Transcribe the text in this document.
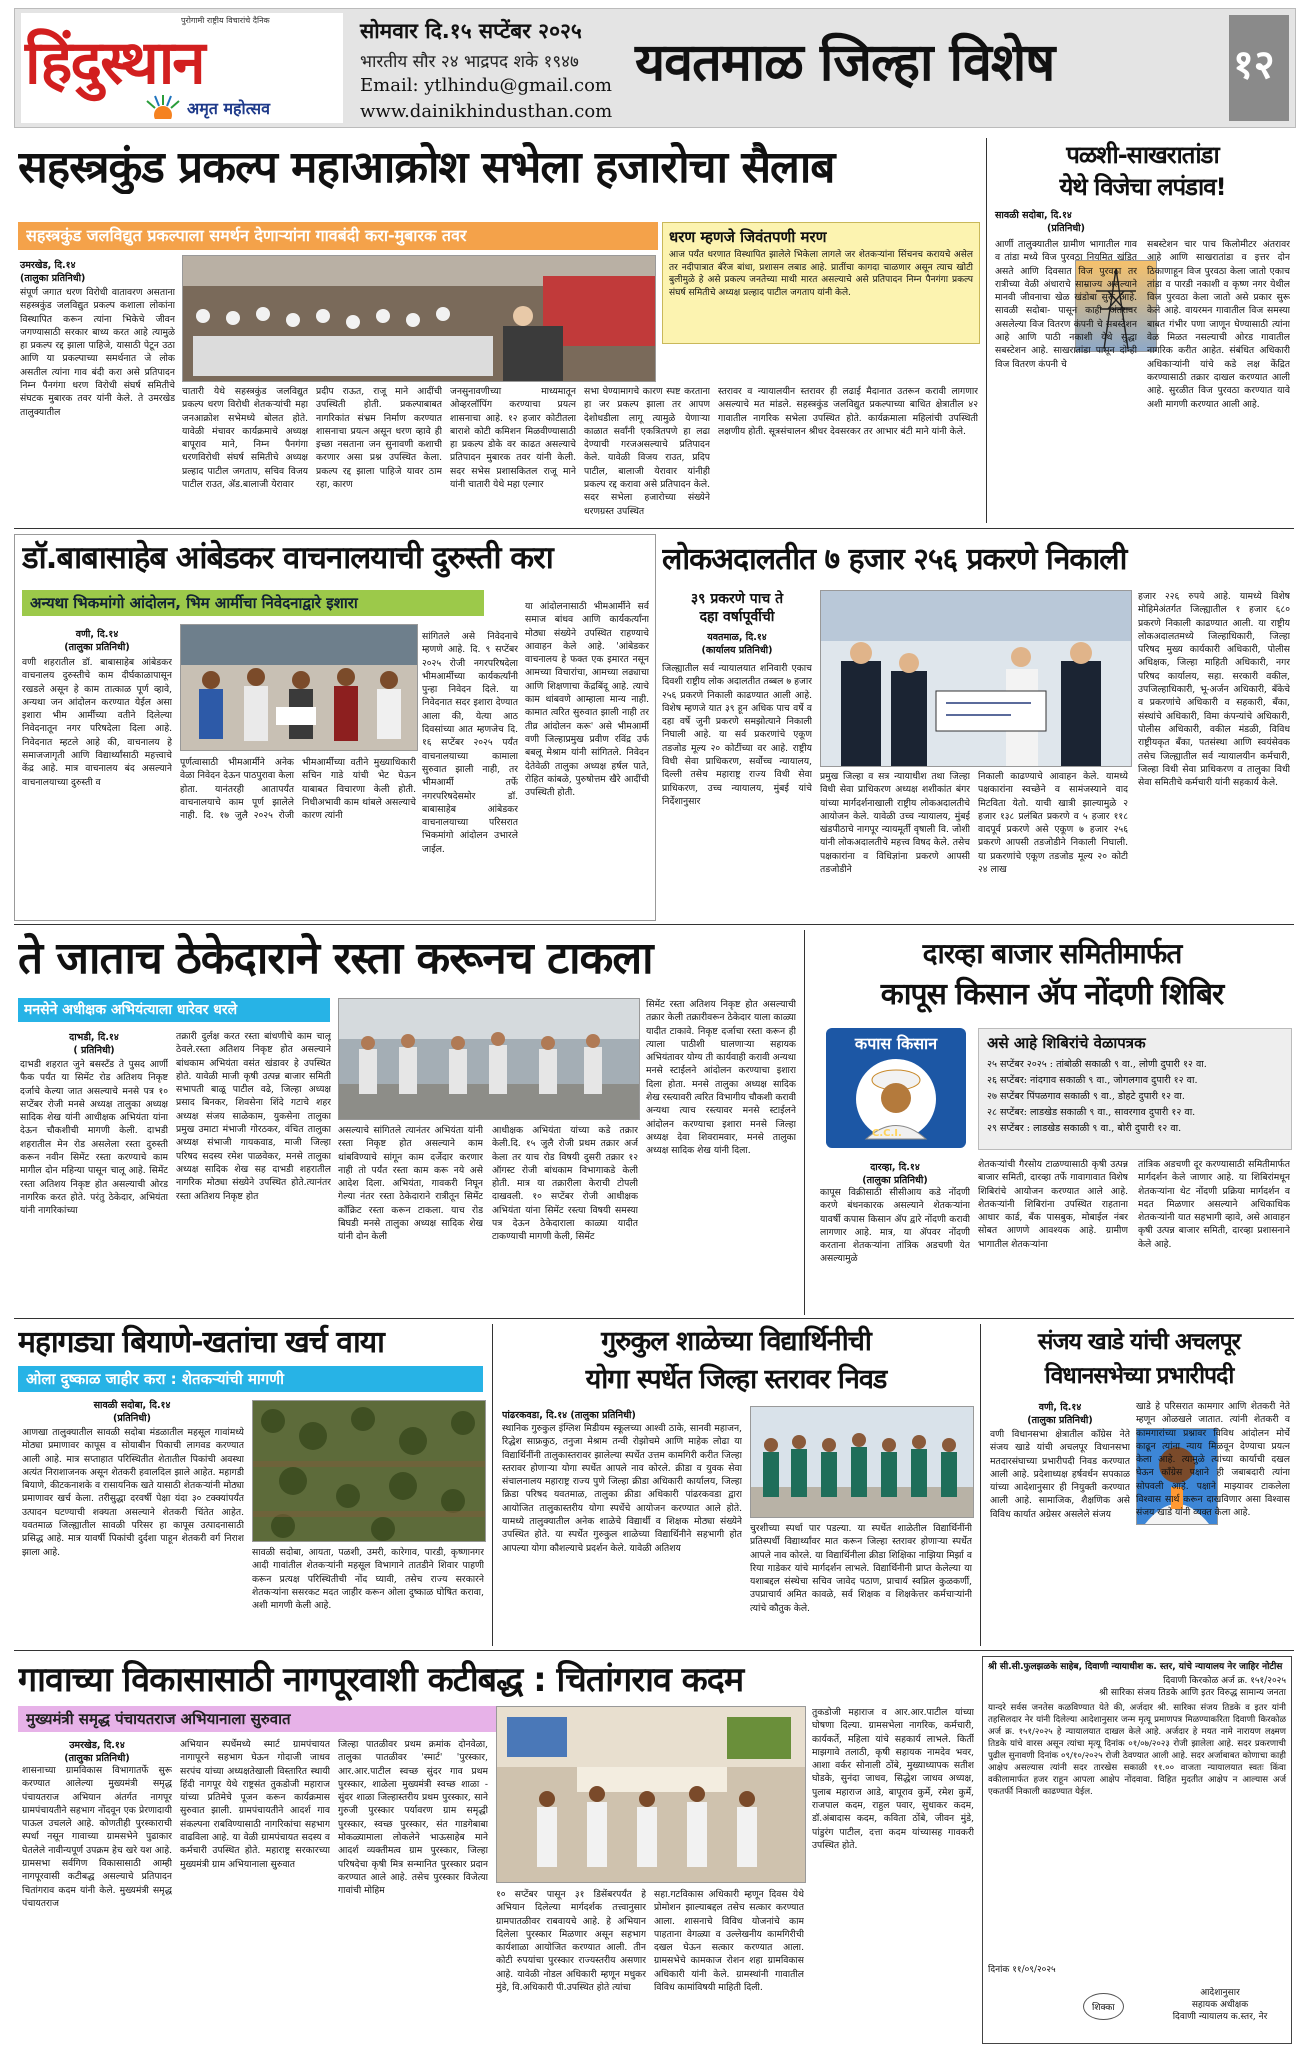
पुरोगामी राष्ट्रीय विचारांचे दैनिक
हिंदुस्थान
अमृत महोत्सव
सोमवार दि.१५ सप्टेंबर २०२५
भारतीय सौर २४ भाद्रपद शके १९४७
Email: ytlhindu@gmail.com
www.dainikhindusthan.com
यवतमाळ जिल्हा विशेष	१२
सहस्त्रकुंड प्रकल्प महाआक्रोश सभेला हजारोचा सैलाब
सहस्त्रकुंड जलविद्युत प्रकल्पाला समर्थन देणाऱ्यांना गावबंदी करा-मुबारक तवर
उमरखेड, दि.१४
(तालुका प्रतिनिधी)

संपूर्ण जगात धरण विरोधी वातावरण असताना सहस्त्रकुंड जलविद्युत प्रकल्प कशाला लोकांना विस्थापित करून त्यांना भिकेचे जीवन जगण्यासाठी सरकार बाध्य करत आहे त्यामुळे हा प्रकल्प रद्द झाला पाहिजे, यासाठी पेटून उठा आणि या प्रकल्पाच्या समर्थनात जे लोक असतील त्यांना गाव बंदी करा असे प्रतिपादन निम्न पैनगंगा धरण विरोधी संघर्ष समितीचे संघटक मुबारक तवर यांनी केले. ते उमरखेड तालुक्यातील

धरण म्हणजे जिवंतपणी मरण

आज पर्यंत धरणात विस्थापित झालेले भिकेला लागले जर शेतकऱ्यांना सिंचनच करायचे असेल तर नदीपात्रात बॅरेज बांधा, प्रशासन लबाड आहे. प्रातींचा कागदा चाळणार असून त्याच खोटी बुलीमुळे हे असे प्रकल्प जनतेच्या माथी मारत असल्याचे असे प्रतिपादन निम्न पैनगंगा प्रकल्प संघर्ष समितीचे अध्यक्ष प्रल्हाद पाटील जगताप यांनी केले.

चातारी येथे सहस्त्रकुंड जलविद्युत प्रकल्प धरण विरोधी शेतकऱ्यांची महा जनआक्रोश सभेमध्ये बोलत होते. यावेळी मंचावर कार्यक्रमाचे अध्यक्ष बापूराव माने, निम्न पैनगंगा धरणविरोधी संघर्ष समितीचे अध्यक्ष प्रल्हाद पाटील जगताप, सचिव विजय पाटील राउत, ॲड.बालाजी येरावार

प्रदीप राऊत, राजू माने आदींची उपस्थिती होती. प्रकल्पाबाबत नागरिकांत संभ्रम निर्माण करण्यात शासनाचा प्रयत्न असून धरण व्हावे ही इच्छा नसताना जन सुनावणी कशाची करणार असा प्रश्न उपस्थित केला. प्रकल्प रद्द झाला पाहिजे यावर ठाम रहा, कारण

जनसुनावणीच्या माध्यमातून ओव्हरलॉपिंग करण्याचा प्रयत्न शासनाचा आहे. १२ हजार कोटीतला बाराशे कोटी कमिशन मिळवीण्यासाठी हा प्रकल्प डोके वर काढत असल्याचे प्रतिपादन मुबारक तवर यांनी केली. सदर सभेस प्रशासकितल राजू माने यांनी चातारी येथे महा एल्गार

सभा घेण्यामागचे कारण स्पष्ट करताना हा जर प्रकल्प झाला तर आपण देशोधडीला लागू त्यामुळे येणाऱ्या काळात सर्वांनी एकत्रितपणे हा लढा देण्याची गरजअसल्याचे प्रतिपादन केले. यावेळी विजय राउत, प्रदिप पाटील, बालाजी येरावार यांनीही प्रकल्प रद्द करावा असे प्रतिपादन केले. सदर सभेला हजारोच्या संख्येने धरणग्रस्त उपस्थित

स्तरावर व न्यायालयीन स्तरावर ही लढाई मैदानात उतरून करावी लागणार असल्याचे मत मांडले. सहस्त्रकुंड जलविद्युत प्रकल्पाच्या बाधित क्षेत्रातील ४२ गावातील नागरिक सभेला उपस्थित होते. कार्यक्रमाला महिलांची उपस्थिती लक्षणीय होती. सूत्रसंचालन श्रीधर देवसरकर तर आभार बंटी माने यांनी केले.

पळशी-साखरातांडा
येथे विजेचा लपंडाव!
सावळी सदोबा, दि.१४
(प्रतिनिधी)

आर्णी तालुक्यातील ग्रामीण भागातील गाव व तांडा मध्ये विज पुरवठा नियमित खंडित असते आणि दिवसात विज पुरवठा तर रात्रीच्या वेळी अंधाराचे साम्राज्य असल्याने मानवी जीवनाचा खेळ खंडोबा सुरू आहे. सावळी सदोबा- पासून काही अंतरावर असलेल्या विज वितरण कंपनी चे सबस्टेशन आहे आणि पाठी नकाशी येथे सुद्धा सबस्टेशन आहे. साखरातांडा पासून दोन्ही विज वितरण कंपनी चे

सबस्टेशन चार पाच किलोमीटर अंतरावर आहे आणि साखरातांडा व इत्तर दोन ठिकाणाहून विज पुरवठा केला जातो एकाच तांडा व पारडी नकाशी व कृष्ण नगर येथील विज पुरवठा केला जातो असे प्रकार सुरू केले आहे. वायरमन गावातील विज समस्या बाबत गंभीर पणा जाणून घेण्यासाठी त्यांना वेळ मिळत नसल्याची ओरड गावातील नागरिक करीत आहेत. संबंधित अधिकारी अधिकाऱ्यांनी यांचे कडे लक्ष केंद्रित करण्यासाठी तक्रार दाखल करण्यात आली आहे. सुरळीत विज पुरवठा करण्यात यावे अशी मागणी करण्यात आली आहे.

डॉ.बाबासाहेब आंबेडकर वाचनालयाची दुरुस्ती करा
अन्यथा भिकमांगो आंदोलन, भिम आर्मीचा निवेदनाद्वारे इशारा
वणी, दि.१४
(तालुका प्रतिनिधी)

वणी शहरातील डॉ. बाबासाहेब आंबेडकर वाचनालय दुरुस्तीचे काम दीर्घकाळापासून रखडले असून हे काम तात्काळ पूर्ण व्हावे, अन्यथा जन आंदोलन करण्यात येईल असा इशारा भीम आर्मीच्या वतीने दिलेल्या निवेदनातून नगर परिषदेला दिला आहे. निवेदनात म्हटले आहे की, वाचनालय हे समाजजागृती आणि विद्यार्थ्यांसाठी महत्त्वाचे केंद्र आहे. मात्र वाचनालय बंद असल्याने वाचनालयाच्या दुरुस्ती व

सांगितले असे निवेदनाचे म्हणणे आहे. दि. ९ सप्टेंबर २०२५ रोजी नगरपरिषदेला भीमआर्मीच्या कार्यकर्त्यांनी पुन्हा निवेदन दिले. या निवेदनात सदर इशारा देण्यात आला की, येत्या आठ दिवसांच्या आत म्हणजेच दि. १६ सप्टेंबर २०२५ पर्यंत वाचनालयाच्या कामाला सुरुवात झाली नाही, तर भीमआर्मी तर्फे नगरपरिषदेसमोर डॉ. बाबासाहेब आंबेडकर वाचनालयाच्या परिसरात भिकमांगो आंदोलन उभारले जाईल.

पूर्णत्वासाठी भीमआर्मीने अनेक वेळा निवेदन देऊन पाठपुरावा केला होता. यानंतरही आतापर्यंत वाचनालयाचे काम पूर्ण झालेले नाही. दि. १७ जुलै २०२५ रोजी भीमआर्मीच्या वतीने मुख्याधिकारी सचिन गाडे यांची भेट घेऊन याबाबत विचारणा केली होती. निधीअभावी काम थांबले असल्याचे कारण त्यांनी

या आंदोलनासाठी भीमआर्मीने सर्व समाज बांधव आणि कार्यकर्त्यांना मोठ्या संख्येने उपस्थित राहण्याचे आवाहन केले आहे. 'आंबेडकर वाचनालय हे फक्त एक इमारत नसून आमच्या विचारांचा, आमच्या लढ्याचा आणि शिक्षणाचा केंद्रबिंदू आहे. त्याचे काम थांबवणे आम्हाला मान्य नाही. कामात त्वरित सुरुवात झाली नाही तर तीव्र आंदोलन करू' असे भीमआर्मी वणी जिल्हाप्रमुख प्रवीण रविंद्र उर्फ बबलू मेश्राम यांनी सांगितले. निवेदन देतेवेळी तालुका अध्यक्ष हर्षल पाते, रोहित कांबळे, पुरुषोत्तम खैरे आदींची उपस्थिती होती.

लोकअदालतीत ७ हजार २५६ प्रकरणे निकाली
३९ प्रकरणे पाच ते
दहा वर्षापूर्वीची
यवतमाळ, दि.१४
(कार्यालय प्रतिनिधी)

जिल्ह्यातील सर्व न्यायालयात शनिवारी एकाच दिवशी राष्ट्रीय लोक अदालतीत तब्बल ७ हजार २५६ प्रकरणे निकाली काढण्यात आली आहे. विशेष म्हणजे यात ३९ हून अधिक पाच वर्षे व दहा वर्षे जुनी प्रकरणे समझोत्याने निकाली निघाली आहे. या सर्व प्रकरणांचे एकूण तडजोड मूल्य २० कोटींच्या वर आहे. राष्ट्रीय विधी सेवा प्राधिकरण, सर्वोच्च न्यायालय, दिल्ली तसेच महाराष्ट्र राज्य विधी सेवा प्राधिकरण, उच्च न्यायालय, मुंबई यांचे निर्देशानुसार

प्रमुख जिल्हा व सत्र न्यायाधीश तथा जिल्हा विधी सेवा प्राधिकरण अध्यक्ष शशीकांत बंगर यांच्या मार्गदर्शनाखाली राष्ट्रीय लोकअदालतीचे आयोजन केले. यावेळी उच्च न्यायालय, मुंबई खंडपीठाचे नागपूर न्यायमूर्ती वृषाली वि. जोशी यांनी लोकअदालतीचे महत्त्व विषद केले. तसेच पक्षकारांना व विधिज्ञांना प्रकरणे आपसी तडजोडीने

निकाली काढण्याचे आवाहन केले. यामध्ये पक्षकारांना स्वच्छेने व सामंजस्याने वाद मिटविता येतो. याची खात्री झाल्यामुळे २ हजार १३८ प्रलंबित प्रकरणे व ५ हजार ११८ वादपूर्व प्रकरणे असे एकूण ७ हजार २५६ प्रकरणे आपसी तडजोडीने निकाली निघाली. या प्रकरणांचे एकूण तडजोड मूल्य २० कोटी २४ लाख

हजार २२६ रुपये आहे. यामध्ये विशेष मोहिमेअंतर्गत जिल्ह्यातील १ हजार ६८० प्रकरणे निकाली काढण्यात आली. या राष्ट्रीय लोकअदालतमध्ये जिल्हाधिकारी, जिल्हा परिषद मुख्य कार्यकारी अधिकारी, पोलीस अधिक्षक, जिल्हा माहिती अधिकारी, नगर परिषद कार्यालय, सहा. सरकारी वकील, उपजिल्हाधिकारी, भू-अर्जन अधिकारी, बँकेचे व प्रकरणांचे अधिकारी व सहकारी, बँका, संस्थांचे अधिकारी, विमा कंपन्यांचे अधिकारी, पोलीस अधिकारी, वकील मंडळी, विविध राष्ट्रीयकृत बँका, पतसंस्था आणि स्वयंसेवक तसेच जिल्ह्यातील सर्व न्यायालयीन कर्मचारी, जिल्हा विधी सेवा प्राधिकरण व तालुका विधी सेवा समितीचे कर्मचारी यांनी सहकार्य केले.

ते जाताच ठेकेदाराने रस्ता करूनच टाकला
मनसेने अधीक्षक अभियंत्याला धारेवर धरले
दाभडी, दि.१४
( प्रतिनिधी)

दाभडी शहरात जुने बसस्टँड ते पुसद आर्णी फैक पर्यंत या सिमेंट रोड अतिशय निकृष्ट दर्जाचे केल्या जात असल्याचे मनसे पत्र १० सप्टेंबर रोजी मनसे अध्यक्ष तालुका अध्यक्ष सादिक शेख यांनी आधीक्षक अभियंता यांना देऊन चौकशीची मागणी केली. दाभडी शहरातील मेन रोड असलेला रस्ता दुरुस्ती करून नवीन सिमेंट रस्ता करण्याचे काम मागील दोन महिन्या पासून चालू आहे. सिमेंट रस्ता अतिशय निकृष्ट होत असल्याची ओरड नागरिक करत होते. परंतु ठेकेदार, अभियंता यांनी नागरिकांच्या

तक्रारी दुर्लक्ष करत रस्ता बांधणीचे काम चालू ठेवले.रस्ता अतिशय निकृष्ट होत असल्याने बांधकाम अभियंता वसंत खंडावर हे उपस्थित होते. यावेळी माजी कृषी उत्पन्न बाजार समिती सभापती बाळू पाटील वढे, जिल्हा अध्यक्ष प्रसाद बिनकर, शिवसेना शिंदे गटाचे शहर अध्यक्ष संजय साळेकाम, युकसेना तालुका प्रमुख उमाटा मंभाजी गोरठकर, वंचित तालुका अध्यक्ष संभाजी गायकवाड, माजी जिल्हा परिषद सदस्य रमेश पाळवेकर, मनसे तालुका अध्यक्ष सादिक शेख सह दाभडी शहरातील नागरिक मोठ्या संख्येने उपस्थित होते.त्यानंतर रस्ता अतिशय निकृष्ट होत

असल्याचे सांगितले त्यानंतर अभियंता यांनी रस्ता निकृष्ट होत असल्याने काम थांबविण्याचे सांगून काम दर्जेदार करणार नाही तो पर्यंत रस्ता काम करू नये असे आदेश दिला. अभियंता, गावकरी निघून गेल्या नंतर रस्ता ठेकेदाराने रात्रीतून सिमेंट काँक्रिट रस्ता करून टाकला. याच रोड बिघडी मनसे तालुका अध्यक्ष सादिक शेख यांनी दोन केली

आधीक्षक अभियंता यांच्या कडे तक्रार केली.दि. १५ जुलै रोजी प्रथम तक्रार अर्ज केला तर याच रोड विषयी दुसरी तक्रार १२ ऑगस्ट रोजी बांधकाम विभागाकडे केली होती. मात्र या तक्रारीला केराची टोपली दाखवली. १० सप्टेंबर रोजी आधीक्षक अभियंता यांना सिमेंट रस्त्या विषयी समस्या पत्र देऊन ठेकेदाराला काळ्या यादीत टाकण्याची मागणी केली, सिमेंट

सिमेंट रस्ता अतिशय निकृष्ट होत असल्याची तक्रार केली तक्रारीवरून ठेकेदार याला काळ्या यादीत टाकावे. निकृष्ट दर्जाचा रस्ता करून ही त्याला पाठीशी घालणाऱ्या सहायक अभियंतावर योग्य ती कार्यवाही करावी अन्यथा मनसे स्टाईलने आंदोलन करण्याचा इशारा दिला होता. मनसे तालुका अध्यक्ष सादिक शेख रस्त्यावरी त्वरित विभागीय चौकशी करावी अन्यथा त्याच रस्त्यावर मनसे स्टाईलने आंदोलन करण्याचा इशारा मनसे जिल्हा अध्यक्ष देवा शिवरामवार, मनसे तालुका अध्यक्ष सादिक शेख यांनी दिला.

दारव्हा बाजार समितीमार्फत
कापूस किसान ॲप नोंदणी शिबिर
कपास किसान
C.C.I.
दारव्हा, दि.१४
(तालुका प्रतिनिधी)

कापूस विक्रीसाठी सीसीआय कडे नोंदणी करणे बंधनकारक असल्याने शेतकऱ्यांना यावर्षी कपास किसान ॲप द्वारे नोंदणी करावी लागणार आहे. मात्र, या ॲपवर नोंदणी करताना शेतकऱ्यांना तांत्रिक अडचणी येत असल्यामुळे

असे आहे शिबिरांचे वेळापत्रक
२५ सप्टेंबर २०२५ : तांबोळी सकाळी ९ वा., लोणी दुपारी १२ वा.
२६ सप्टेंबर: नांदगाव सकाळी ९ वा., जोगलगाव दुपारी १२ वा.
२७ सप्टेंबर पिंपळगाव सकाळी ९ वा., डोहटे दुपारी १२ वा.
२८ सप्टेंबर: लाडखेड सकाळी ९ वा., सावरगाव दुपारी १२ वा.
२९ सप्टेंबर : लाडखेड सकाळी ९ वा., बोरी दुपारी १२ वा.

शेतकऱ्यांची गैरसोय टाळण्यासाठी कृषी उत्पन्न बाजार समिती, दारव्हा तर्फे गावागावात विशेष शिबिरांचे आयोजन करण्यात आले आहे. शेतकऱ्यांनी शिबिरांना उपस्थित राहताना आधार कार्ड, बँक पासबुक, मोबाईल नंबर सोबत आणणे आवश्यक आहे. ग्रामीण भागातील शेतकऱ्यांना

तांत्रिक अडचणी दूर करण्यासाठी समितीमार्फत मार्गदर्शन केले जाणार आहे. या शिबिरांमधून शेतकऱ्यांना थेट नोंदणी प्रक्रिया मार्गदर्शन व मदत मिळणार असल्याने अधिकाधिक शेतकऱ्यांनी यात सहभागी व्हावे, असे आवाहन कृषी उत्पन्न बाजार समिती, दारव्हा प्रशासनाने केले आहे.

महागड्या बियाणे-खतांचा खर्च वाया
ओला दुष्काळ जाहीर करा : शेतकऱ्यांची मागणी
सावळी सदोबा, दि.१४
(प्रतिनिधी)

आणखा तालुक्यातील सावळी सदोबा मंडळातील महसूल गावांमध्ये मोठ्या प्रमाणावर कापूस व सोयाबीन पिकाची लागवड करण्यात आली आहे. मात्र सप्ताहात परिस्थितीत शेतातील पिकांची अवस्था अत्यंत निराशाजनक असून शेतकरी हवालदिल झाले आहेत. महागडी बियाणे, कीटकनाशके व रासायनिक खते यासाठी शेतकऱ्यांनी मोठ्या प्रमाणावर खर्च केला. तरीसुद्धा दरवर्षी पेक्षा यंदा ३० टक्क्यांपर्यंत उत्पादन घटण्याची शक्यता असल्याने शेतकरी चिंतेत आहेत. यवतमाळ जिल्ह्यातील सावळी परिसर हा कापूस उत्पादनासाठी प्रसिद्ध आहे. मात्र यावर्षी पिकांची दुर्दशा पाहून शेतकरी वर्ग निराश झाला आहे.	सावळी सदोबा, आयता, पळशी, उमरी, कारेगाव, पारडी, कृष्णानगर आदी गावांतील शेतकऱ्यांनी महसूल विभागाने तातडीने शिवार पाहणी करून प्रत्यक्ष परिस्थितीची नोंद घ्यावी, तसेच राज्य सरकारने शेतकऱ्यांना ससरकट मदत जाहीर करून ओला दुष्काळ घोषित करावा, अशी मागणी केली आहे.

गुरुकुल शाळेच्या विद्यार्थिनीची
योगा स्पर्धेत जिल्हा स्तरावर निवड
पांढरकवडा, दि.१४ (तालुका प्रतिनिधी)

स्थानिक गुरुकुल इंग्लिश मिडीयम स्कूलच्या आश्वी ठाके, सानवी महाजन, रिद्धेश साफ्रकुठ, तनुजा मेश्राम तन्वी रोझोचमे आणि माहेक लोढा या विद्यार्थिनींनी तालुकास्तरावर झालेल्या स्पर्धेत उत्तम कामगिरी करीत जिल्हा स्तरावर होणाऱ्या योगा स्पर्धेत आपले नाव कोरले. क्रीडा व युवक सेवा संचालनालय महाराष्ट्र राज्य पुणे जिल्हा क्रीडा अधिकारी कार्यालय, जिल्हा क्रिडा परिषद यवतमाळ, तालुका क्रीडा अधिकारी पांढरकवडा द्वारा आयोजित तालुकास्तरीय योगा स्पर्धेचे आयोजन करण्यात आले होते. यामध्ये तालुक्यातील अनेक शाळेचे विद्यार्थी व शिक्षक मोठ्या संख्येने उपस्थित होते. या स्पर्धेत गुरुकुल शाळेच्या विद्यार्थिनीने सहभागी होत आपल्या योगा कौशल्याचे प्रदर्शन केले. यावेळी अतिशय

चुरशीच्या स्पर्धा पार पडल्या. या स्पर्धेत शाळेतील विद्यार्थिनींनी प्रतिस्पर्धी विद्यार्थ्यांवर मात करून जिल्हा स्तरावर होणाऱ्या स्पर्धेत आपले नाव कोरले. या विद्यार्थिनीला क्रीडा शिक्षिका नाझिया मिर्झा व रिया गाडेकर यांचे मार्गदर्शन लाभले. विद्यार्थिनीनी प्राप्त केलेल्या या यशाबद्दल संस्थेचा सचिव जावेद पठाण, प्राचार्य स्वप्निल कुळकर्णी, उपप्राचार्य अमित कावळे, सर्व शिक्षक व शिक्षकेत्तर कर्मचाऱ्यांनी त्यांचे कौतुक केले.

संजय खाडे यांची अचलपूर
विधानसभेच्या प्रभारीपदी
वणी, दि.१४
(तालुका प्रतिनिधी)

वणी विधानसभा क्षेत्रातील काँग्रेस नेते संजय खाडे यांची अचलपूर विधानसभा मतदारसंघाच्या प्रभारीपदी निवड करण्यात आली आहे. प्रदेशाध्यक्ष हर्षवर्धन सपकाळ यांच्या आदेशानुसार ही नियुक्ती करण्यात आली आहे. सामाजिक, शैक्षणिक असे विविध कार्यात अग्रेसर असलेले संजय

खाडे हे परिसरात कामगार आणि शेतकरी नेते म्हणून ओळखले जातात. त्यांनी शेतकरी व कामगारांच्या प्रश्नावर विविध आंदोलन मोर्चे काढून त्यांना न्याय मिळवून देण्याचा प्रयत्न केला आहे. त्यामुळे त्यांच्या कार्याची दखल घेऊन काँग्रेस पक्षाने ही जबाबदारी त्यांना सोपवली आहे. पक्षाने माझ्यावर टाकलेला विश्वास सार्थ करून दाखविणार असा विश्वास संजय खाडे यांनी व्यक्त केला आहे.

गावाच्या विकासासाठी नागपूरवाशी कटीबद्ध : चितांगराव कदम
मुख्यमंत्री समृद्ध पंचायतराज अभियानाला सुरुवात
उमरखेड, दि.१४
(तालुका प्रतिनिधी)

शासनाच्या ग्रामविकास विभागातर्फे सुरू करण्यात आलेल्या मुख्यमंत्री समृद्ध पंचायतराज अभियान अंतर्गत नागपूर ग्रामपंचायतीने सहभाग नोंदवून एक प्रेरणादायी पाऊल उचलले आहे. कोणतीही पुरस्काराची स्पर्धा नसून गावाच्या ग्रामसभेने पुढाकार घेतलेले नावीन्यपूर्ण उपक्रम हेच खरे यश आहे. ग्रामसभा सर्वगिण विकासासाठी आम्ही नागपूरवासी कटीबद्ध असल्याचे प्रतिपादन चितांगराव कदम यांनी केले. मुख्यमंत्री समृद्ध पंचायतराज

अभियान स्पर्धेमध्ये स्मार्ट ग्रामपंचायत नागापूरने सहभाग घेऊन गोदाजी जाधव सरपंच यांच्या अध्यक्षतेखाली विस्तारित स्थायी हिंदी नागपूर येथे राष्ट्रसंत तुकडोजी महाराज यांच्या प्रतिमेचे पूजन करून कार्यक्रमास सुरुवात झाली. ग्रामपंचायतीने आदर्श गाव संकल्पना राबविण्यासाठी नागरिकांचा सहभाग वाढविला आहे. या वेळी ग्रामपंचायत सदस्य व कर्मचारी उपस्थित होते. महाराष्ट्र सरकारच्या मुख्यमंत्री ग्राम अभियानाला सुरुवात

जिल्हा पातळीवर प्रथम क्रमांक दोनवेळा, तालुका पातळीवर 'स्मार्ट' 'पुरस्कार, आर.आर.पाटील स्वच्छ सुंदर गाव प्रथम पुरस्कार, शाळेला मुख्यमंत्री स्वच्छ शाळा - सुंदर शाळा जिल्हास्तरीय प्रथम पुरस्कार, साने गुरुजी पुरस्कार पर्यावरण ग्राम समृद्धी पुरस्कार, स्वच्छ पुरस्कार, संत गाडगेबाबा मोकळ्यामाला लोकलेने भाऊसाहेब माने आदर्श व्यक्तीमत्व ग्राम पुरस्कार, जिल्हा परिषदेचा कृषी मित्र सन्मानित पुरस्कार प्रदान करण्यात आले आहे. तसेच पुरस्कार विजेत्या गावांची मोहिम	१० सप्टेंबर पासून ३१ डिसेंबरपर्यंत हे अभियान दिलेल्या मार्गदर्शक तत्त्वानुसार ग्रामपातळीवर राबवायचे आहे. हे अभियान दिलेला पुरस्कार मिळणार असून सहभाग कार्यशाळा आयोजित करण्यात आली. तीन कोटी रुपयांचा पुरस्कार राज्यस्तरीय असणार आहे. यावेळी नोडल अधिकारी म्हणून मधुकर मुंडे, वि.अधिकारी पी.उपस्थित होते त्यांचा

सहा.गटविकास अधिकारी म्हणून दिवस येथे प्रोमोशन झाल्याबद्दल तसेच सत्कार करण्यात आला. शासनाचे विविध योजनांचे काम पाहताना वेगळ्या व उल्लेखनीय कामगिरीची दखल घेऊन सत्कार करण्यात आला. ग्रामसभेचे कामकाज रोशन शहा ग्रामविकास अधिकारी यांनी केले. ग्रामस्थांनी गावातील विविध कामांविषयी माहिती दिली.

तुकडोजी महाराज व आर.आर.पाटील यांच्या घोषणा दिल्या. ग्रामसभेला नागरिक, कर्मचारी, कार्यकर्ते, महिला यांचे सहकार्य लाभले. किर्ती माझगावे तलाठी, कृषी सहायक नामदेव भवर, आशा वर्कर सोनाली ठोंबे, मुख्याध्यापक सतीश घोडके, सुनंदा जाधव, सिद्धेश जाधव अध्यक्ष, पुलाब महाराज आडे, बापूराव कुर्मे, रमेश कुर्मे, राजपाल कदम, राहुल पवार, सुधाकर कदम, डॉ.अंबादास कदम, कविता ठोंबे, जीवन मुंडे, पांडुरंग पाटील, दत्ता कदम यांच्यासह गावकरी उपस्थित होते.

श्री सी.सी.फुलझळके साहेब, दिवाणी न्यायाधीश क. स्तर, यांचे न्यायालय नेर जाहिर नोटीस
दिवाणी किरकोळ अर्ज क्र. १५१/२०२५
श्री सारिका संजय तिडके आणि इतर विरुद्ध सामान्य जनता

यान्दरे सर्वस जनतेस कळविण्यात येते की, अर्जदार श्री. सारिका संजय तिडके व इतर यांनी तहसिलदार नेर यांनी दिलेल्या आदेशानुसार जन्म मृत्यू प्रमाणपत्र मिळण्याकरिता दिवाणी किरकोळ अर्ज क्र. १५१/२०२५ हे न्यायालयात दाखल केले आहे. अर्जदार हे मयत नामे नारायण लक्ष्मण तिडके यांचे वारस असून त्यांचा मृत्यू दिनांक ०१/०७/२०२३ रोजी झालेला आहे. सदर प्रकरणाची पुढील सुनावणी दिनांक ०९/१०/२०२५ रोजी ठेवण्यात आली आहे. सदर अर्जाबाबत कोणाचा काही आक्षेप असल्यास त्यांनी सदर तारखेस सकाळी ११.०० वाजता न्यायालयात स्वतः किंवा वकीलामार्फत हजर राहून आपला आक्षेप नोंदवावा. विहित मुदतीत आक्षेप न आल्यास अर्ज एकतर्फी निकाली काढण्यात येईल.

दिनांक ११/०९/२०२५
शिक्का
आदेशानुसार
सहायक अधीक्षक
दिवाणी न्यायालय क.स्तर, नेर
